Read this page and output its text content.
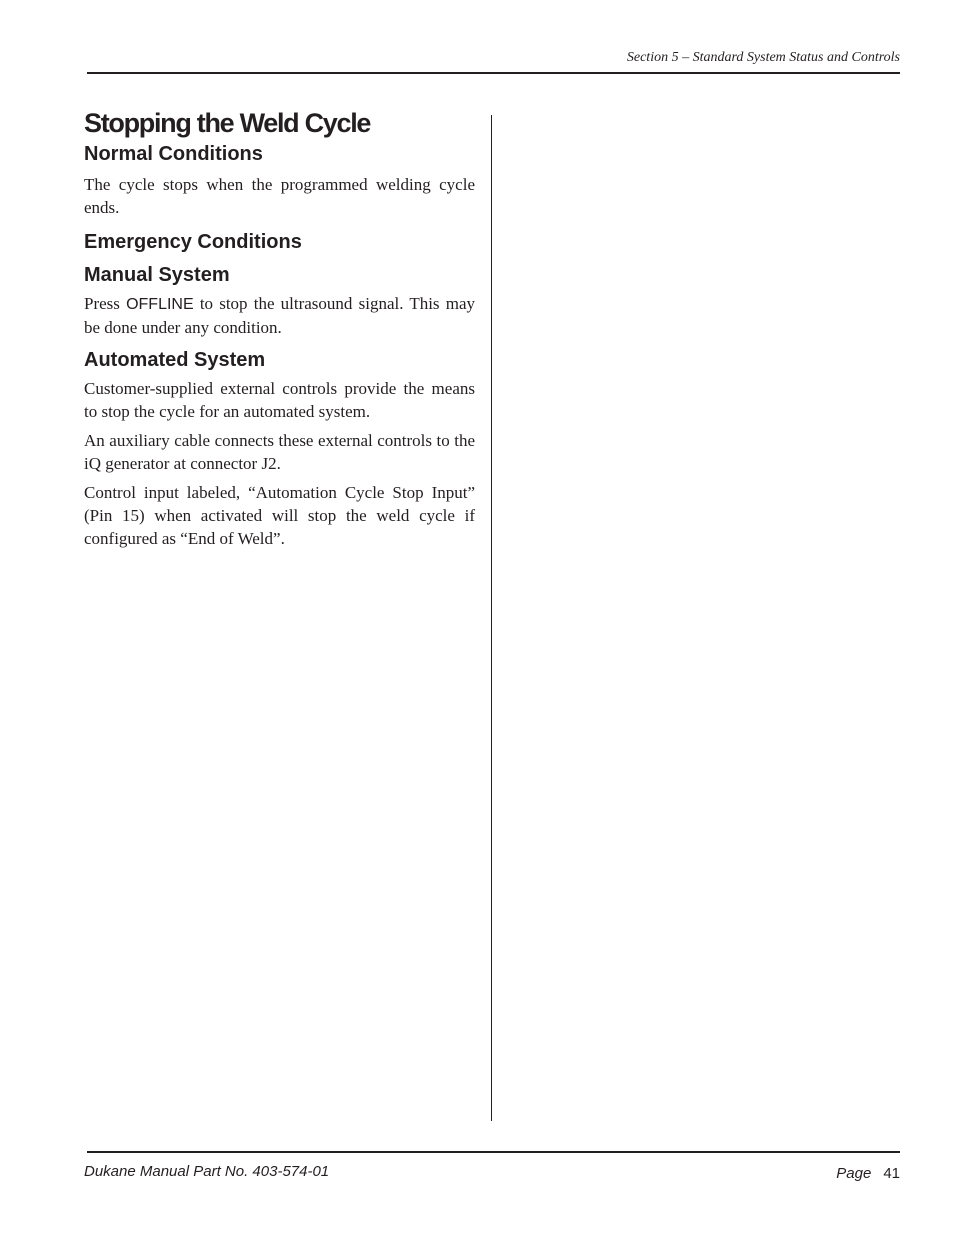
Section 5 – Standard System Status and Controls
Stopping the Weld Cycle
Normal Conditions

The cycle stops when the programmed welding cycle ends.

Emergency Conditions
Manual System

Press OFFLINE to stop the ultrasound signal. This may be done under any condition.

Automated System

Customer-supplied external controls provide the means to stop the cycle for an automated system.

An auxiliary cable connects these external controls to the iQ generator at connector J2.

Control input labeled, “Automation Cycle Stop Input” (Pin 15) when activated will stop the weld cycle if configured as “End of Weld”.

Dukane Manual Part No. 403-574-01	Page 41
